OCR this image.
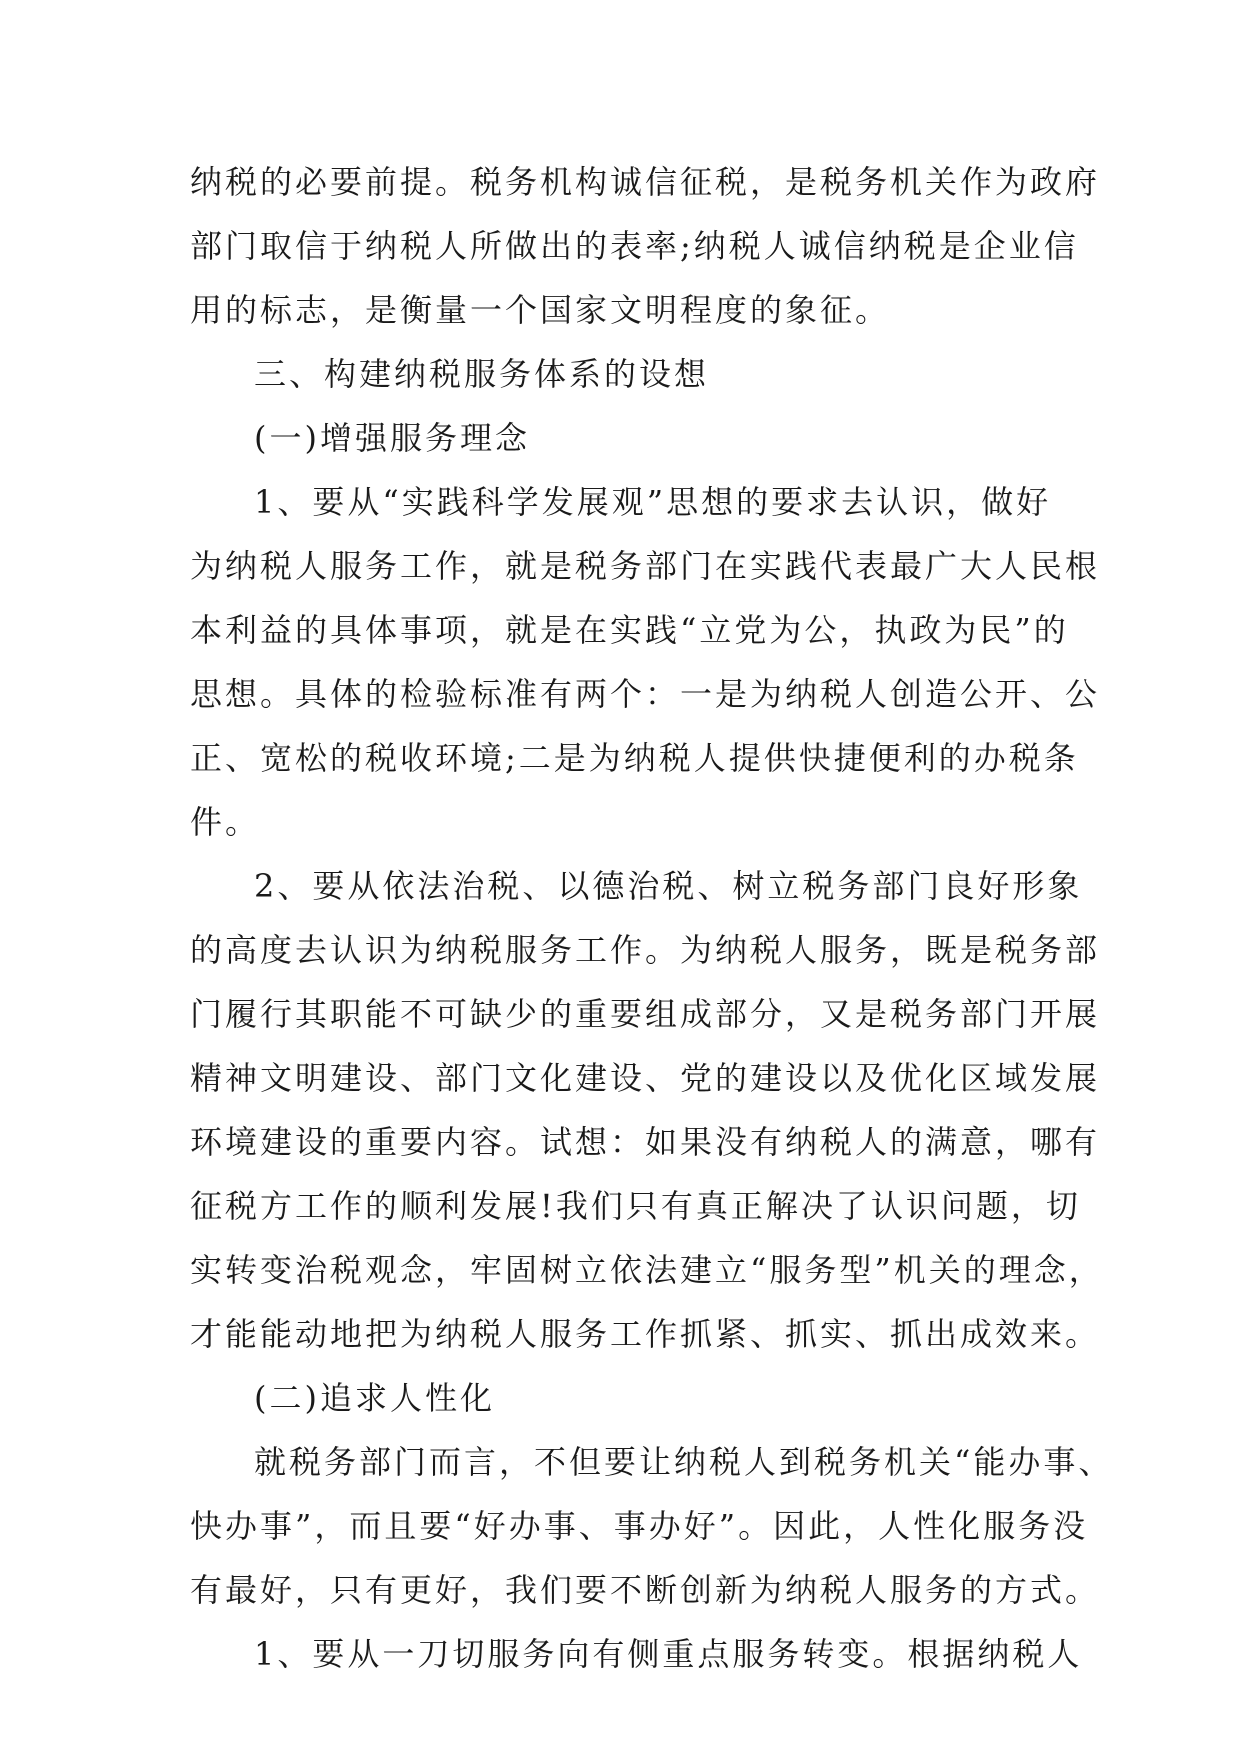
纳税的必要前提。税务机构诚信征税，是税务机关作为政府
部门取信于纳税人所做出的表率;纳税人诚信纳税是企业信
用的标志，是衡量一个国家文明程度的象征。
三、构建纳税服务体系的设想
(一)增强服务理念
1、要从“实践科学发展观”思想的要求去认识，做好
为纳税人服务工作，就是税务部门在实践代表最广大人民根
本利益的具体事项，就是在实践“立党为公，执政为民”的
思想。具体的检验标准有两个：一是为纳税人创造公开、公
正、宽松的税收环境;二是为纳税人提供快捷便利的办税条
件。
2、要从依法治税、以德治税、树立税务部门良好形象
的高度去认识为纳税服务工作。为纳税人服务，既是税务部
门履行其职能不可缺少的重要组成部分，又是税务部门开展
精神文明建设、部门文化建设、党的建设以及优化区域发展
环境建设的重要内容。试想：如果没有纳税人的满意，哪有
征税方工作的顺利发展!我们只有真正解决了认识问题，切
实转变治税观念，牢固树立依法建立“服务型”机关的理念，
才能能动地把为纳税人服务工作抓紧、抓实、抓出成效来。
(二)追求人性化
就税务部门而言，不但要让纳税人到税务机关“能办事、
快办事”，而且要“好办事、事办好”。因此，人性化服务没
有最好，只有更好，我们要不断创新为纳税人服务的方式。
1、要从一刀切服务向有侧重点服务转变。根据纳税人
